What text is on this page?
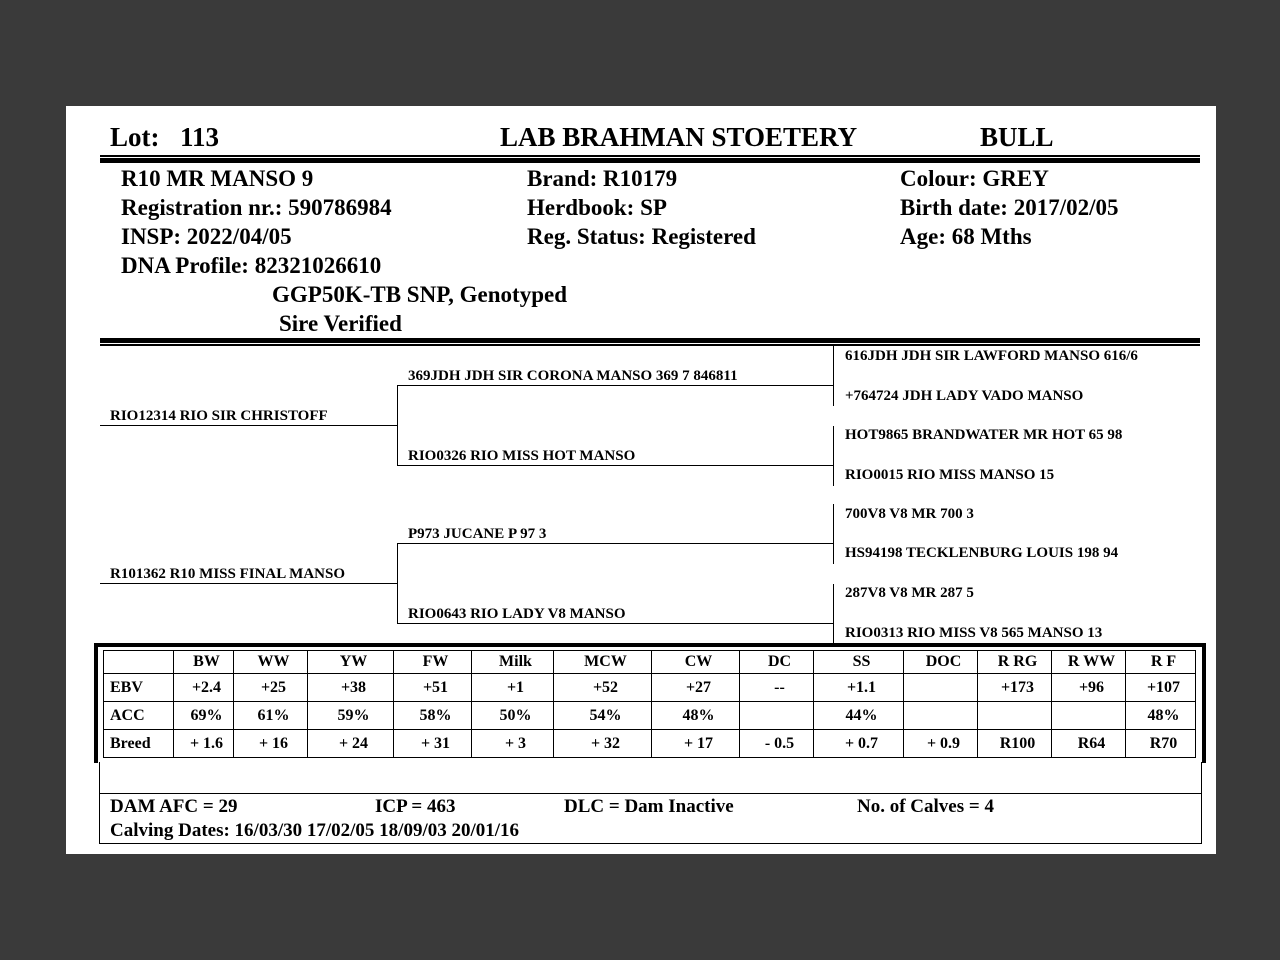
Lot: 113	LAB BRAHMAN STOETERY	BULL
R10 MR MANSO 9
Registration nr.: 590786984
INSP: 2022/04/05
DNA Profile: 82321026610
GGP50K-TB SNP, Genotyped
Sire Verified
Brand: R10179
Herdbook: SP
Reg. Status: Registered
Colour: GREY
Birth date: 2017/02/05
Age: 68 Mths
RIO12314 RIO SIR CHRISTOFF
R101362 R10 MISS FINAL MANSO
369JDH JDH SIR CORONA MANSO 369 7 846811
RIO0326 RIO MISS HOT MANSO
P973 JUCANE P 97 3
RIO0643 RIO LADY V8 MANSO
616JDH JDH SIR LAWFORD MANSO 616/6
+764724 JDH LADY VADO MANSO
HOT9865 BRANDWATER MR HOT 65 98
RIO0015 RIO MISS MANSO 15
700V8 V8 MR 700 3
HS94198 TECKLENBURG LOUIS 198 94
287V8 V8 MR 287 5
RIO0313 RIO MISS V8 565 MANSO 13
	BW	WW	YW	FW	Milk	MCW	CW	DC	SS	DOC	R RG	R WW	R F
EBV	+2.4	+25	+38	+51	+1	+52	+27	--	+1.1		+173	+96	+107
ACC	69%	61%	59%	58%	50%	54%	48%		44%				48%
Breed	+ 1.6	+ 16	+ 24	+ 31	+ 3	+ 32	+ 17	- 0.5	+ 0.7	+ 0.9	R100	R64	R70
DAM AFC = 29	ICP = 463	DLC = Dam Inactive	No. of Calves = 4
Calving Dates: 16/03/30 17/02/05 18/09/03 20/01/16
